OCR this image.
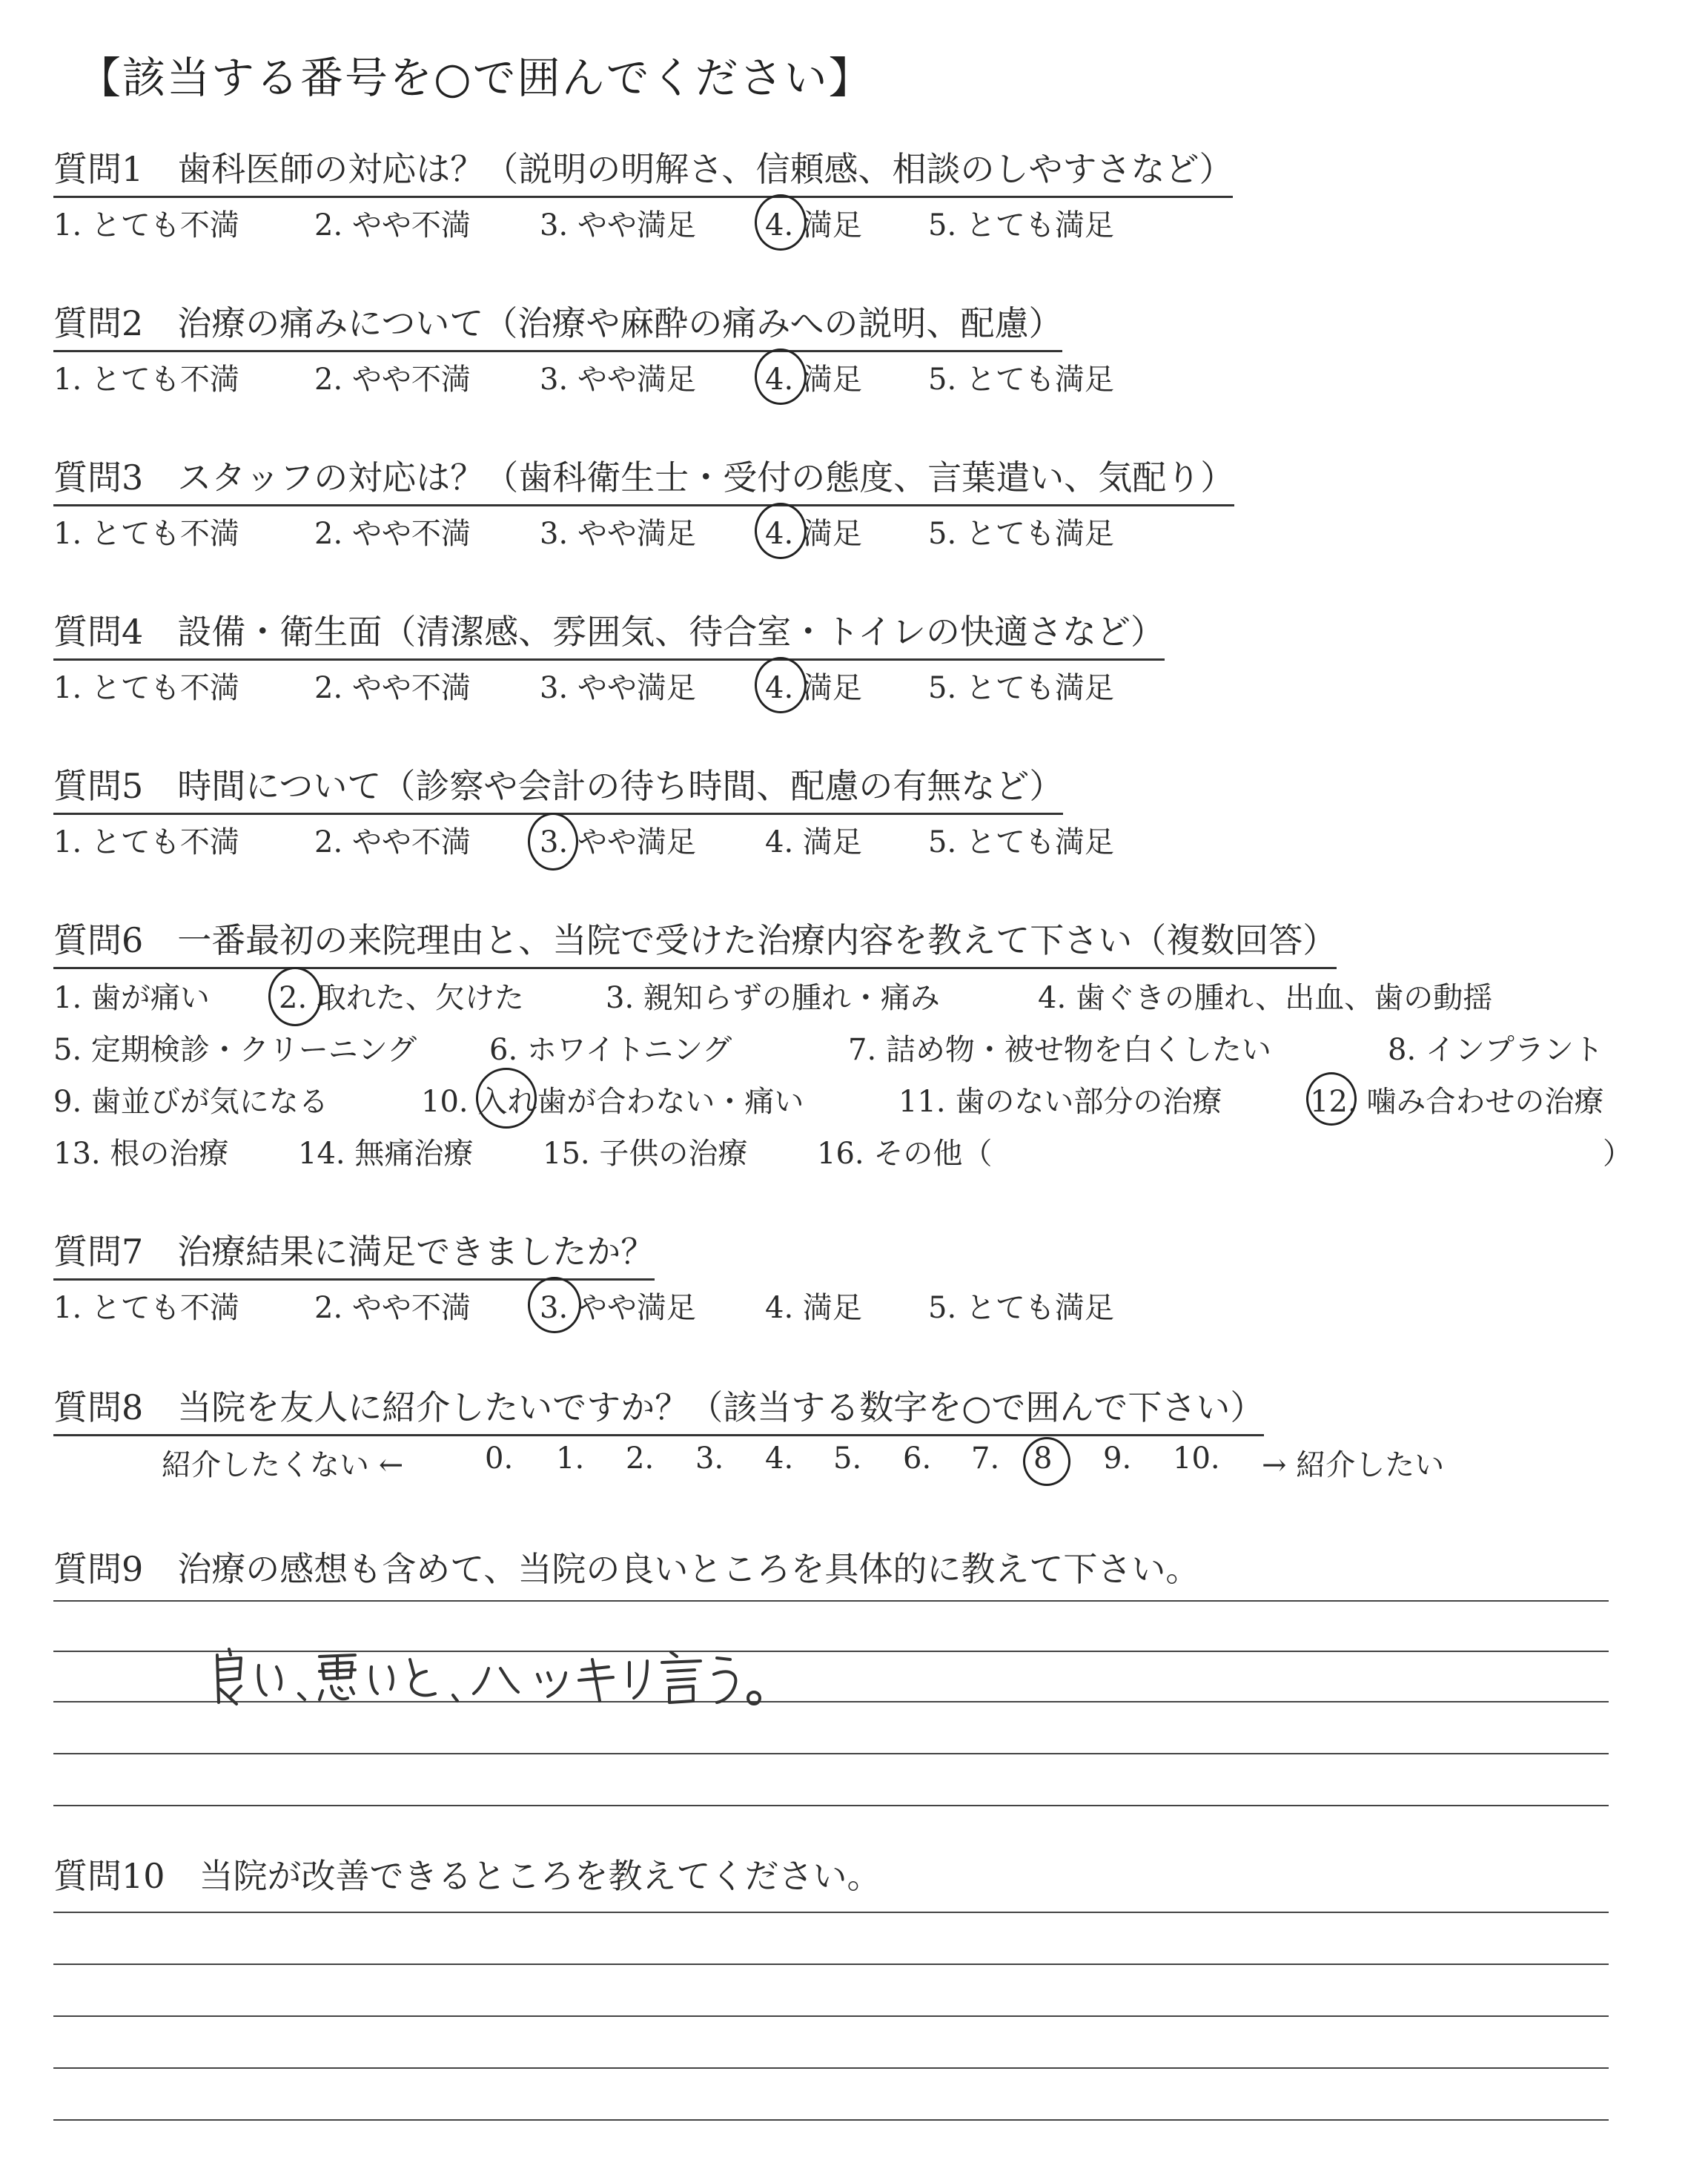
【該当する番号を○で囲んでください】
質問1 歯科医師の対応は？（説明の明解さ、信頼感、相談のしやすさなど）
1. とても不満	2. やや不満 3. やや満足 4. 満足 5. とても満足
質問2 治療の痛みについて（治療や麻酔の痛みへの説明、配慮）
1. とても不満	2. やや不満 3. やや満足 4. 満足 5. とても満足
質問3 スタッフの対応は？（歯科衛生士・受付の態度、言葉遣い、気配り）
1. とても不満	2. やや不満 3. やや満足 4. 満足 5. とても満足
質問4 設備・衛生面（清潔感、雰囲気、待合室・トイレの快適さなど）
1. とても不満	2. やや不満 3. やや満足 4. 満足 5. とても満足
質問5 時間について（診察や会計の待ち時間、配慮の有無など）
1. とても不満	2. やや不満 3. やや満足 4. 満足 5. とても満足
質問6 一番最初の来院理由と、当院で受けた治療内容を教えて下さい（複数回答）
1. 歯が痛い 2. 取れた、欠けた	3. 親知らずの腫れ・痛み	4. 歯ぐきの腫れ、出血、歯の動揺
5. 定期検診・クリーニング 6. ホワイトニング	7. 詰め物・被せ物を白くしたい	8. インプラント
9. 歯並びが気になる	10. 入れ歯が合わない・痛い	11. 歯のない部分の治療	12. 噛み合わせの治療
13. 根の治療 14. 無痛治療 15. 子供の治療 16. その他（	）
質問7 治療結果に満足できましたか？
1. とても不満	2. やや不満 3. やや満足 4. 満足 5. とても満足
質問8 当院を友人に紹介したいですか？（該当する数字を○で囲んで下さい）
紹介したくない ←	0. 1. 2. 3. 4. 5. 6. 7. 8 9. 10. → 紹介したい
質問9 治療の感想も含めて、当院の良いところを具体的に教えて下さい。
質問10 当院が改善できるところを教えてください。
